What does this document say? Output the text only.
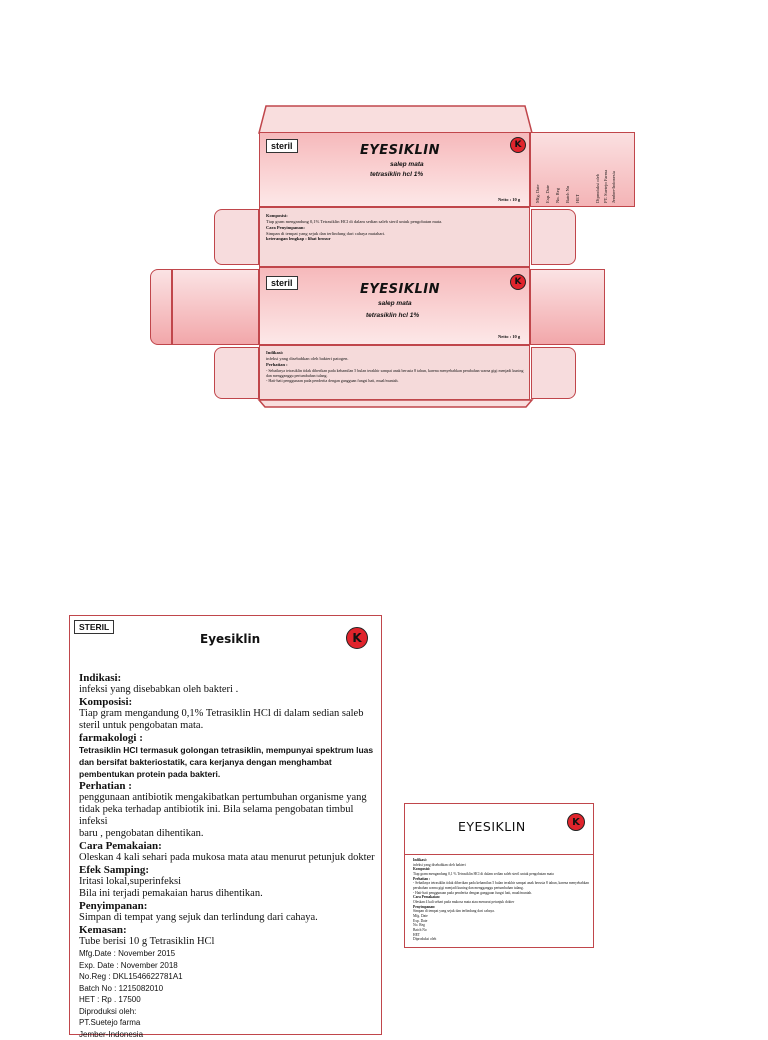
steril	EYESIKLIN
salep mata
tetrasiklin hcl 1%
K
Netto : 10 g	Mfg. Date Exp. Date No. Reg Batch No HET	Diproduksi oleh PT. Suetejo Farma Jember-Indonesia
Komposisi:
Tiap gram mengandung 0,1% Tetrasiklin HCl di dalam sedian saleb steril untuk pengobatan mata.
Cara Penyimpanan:
Simpan di tempat yang sejuk dan terlindung dari cahaya matahari.
keterangan lengkap : lihat brosur
steril	EYESIKLIN
salep mata
tetrasiklin hcl 1%
K
Netto : 10 g
Indikasi:
infeksi yang disebabkan oleh bakteri patogen.
Perhatian :
- Sebaiknya tetrasiklin tidak diberikan pada kehamilan 5 bulan terakhir sampai anak berusia 8 tahun, karena menyebabkan perubahan warna gigi menjadi kuning dan mengganggu pertumbuhan tulang.
- Hati-hati penggunaan pada penderita dengan gangguan fungsi hati, mual/muntah.
STERIL
Eyesiklin	K
Indikasi:
infeksi yang disebabkan oleh bakteri .
Komposisi:
Tiap gram mengandung 0,1% Tetrasiklin HCl di dalam sedian saleb
steril untuk pengobatan mata.
farmakologi :
Tetrasiklin HCl termasuk golongan tetrasiklin, mempunyai spektrum luas
dan bersifat bakteriostatik, cara kerjanya dengan menghambat
pembentukan protein pada bakteri.
Perhatian :
penggunaan antibiotik mengakibatkan pertumbuhan organisme yang
tidak peka terhadap antibiotik ini. Bila selama pengobatan timbul infeksi
baru , pengobatan dihentikan.
Cara Pemakaian:
Oleskan 4 kali sehari pada mukosa mata atau menurut petunjuk dokter
Efek Samping:
Iritasi lokal,superinfeksi
Bila ini terjadi pemakaian harus dihentikan.
Penyimpanan:
Simpan di tempat yang sejuk dan terlindung dari cahaya.
Kemasan:
Tube berisi 10 g Tetrasiklin HCl
Mfg.Date : November 2015
Exp. Date : November 2018
No.Reg : DKL1546622781A1
Batch No : 1215082010
HET : Rp . 17500
Diproduksi oleh:
PT.Suetejo farma
Jember-Indonesia
EYESIKLIN	K
Indikasi:
infeksi yang disebabkan oleh bakteri
Komposisi:
Tiap gram mengandung 0,1 % Tetrasiklin HCl di dalam sedian saleb steril untuk pengobatan mata
Perhatian :
- Sebaiknya tetrasiklin tidak diberikan pada kehamilan 5 bulan terakhir sampai anak berusia 8 tahun, karena menyebabkan perubahan warna gigi menjadi kuning dan mengganggu pertumbuhan tulang.
- Hati-hati penggunaan pada penderita dengan gangguan fungsi hati, mual/muntah.
Cara Pemakaian:
Oleskan 4 kali sehari pada mukosa mata atau menurut petunjuk dokter
Penyimpanan:
Simpan di tempat yang sejuk dan terlindung dari cahaya.
Mfg. Date
Exp. Date
No. Reg
Batch No
HET
Diproduksi oleh
